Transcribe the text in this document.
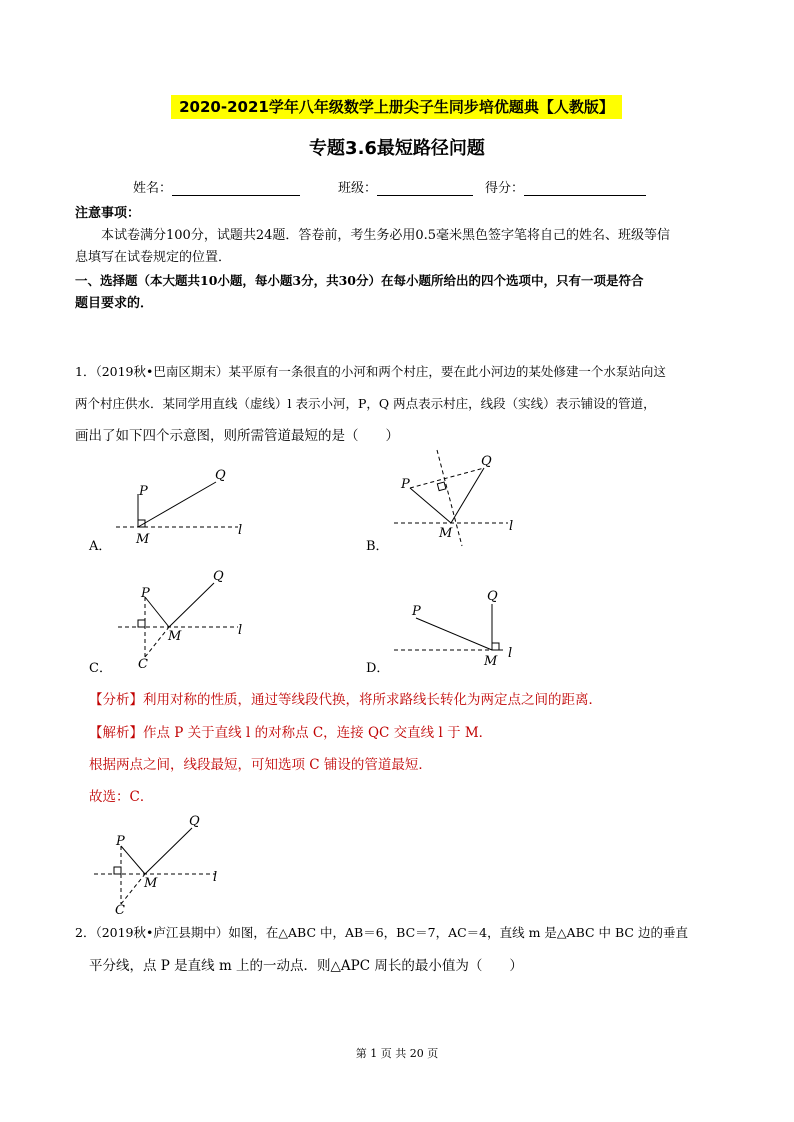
2020-2021学年八年级数学上册尖子生同步培优题典【人教版】
专题3.6最短路径问题
姓名：	班级：	得分：
注意事项：
本试卷满分100分，试题共24题．答卷前，考生务必用0.5毫米黑色签字笔将自己的姓名、班级等信
息填写在试卷规定的位置．
一、选择题（本大题共10小题，每小题3分，共30分）在每小题所给出的四个选项中，只有一项是符合
题目要求的．
1．（2019秋•巴南区期末）某平原有一条很直的小河和两个村庄，要在此小河边的某处修建一个水泵站向这
两个村庄供水．某同学用直线（虚线）l 表示小河，P，Q 两点表示村庄，线段（实线）表示铺设的管道，
画出了如下四个示意图，则所需管道最短的是（　　）
A．
P
Q
M
l
B．
P
Q
M	l
C．
P
Q
M
C
l
D．
P
Q
M
l
【分析】利用对称的性质，通过等线段代换，将所求路线长转化为两定点之间的距离．
【解析】作点 P 关于直线 l 的对称点 C，连接 QC 交直线 l 于 M．
根据两点之间，线段最短，可知选项 C 铺设的管道最短．
故选：C．
P
Q
M
C
l
2．（2019秋•庐江县期中）如图，在△ABC 中，AB＝6，BC＝7，AC＝4，直线 m 是△ABC 中 BC 边的垂直
平分线，点 P 是直线 m 上的一动点．则△APC 周长的最小值为（　　）
第 1 页 共 20 页
